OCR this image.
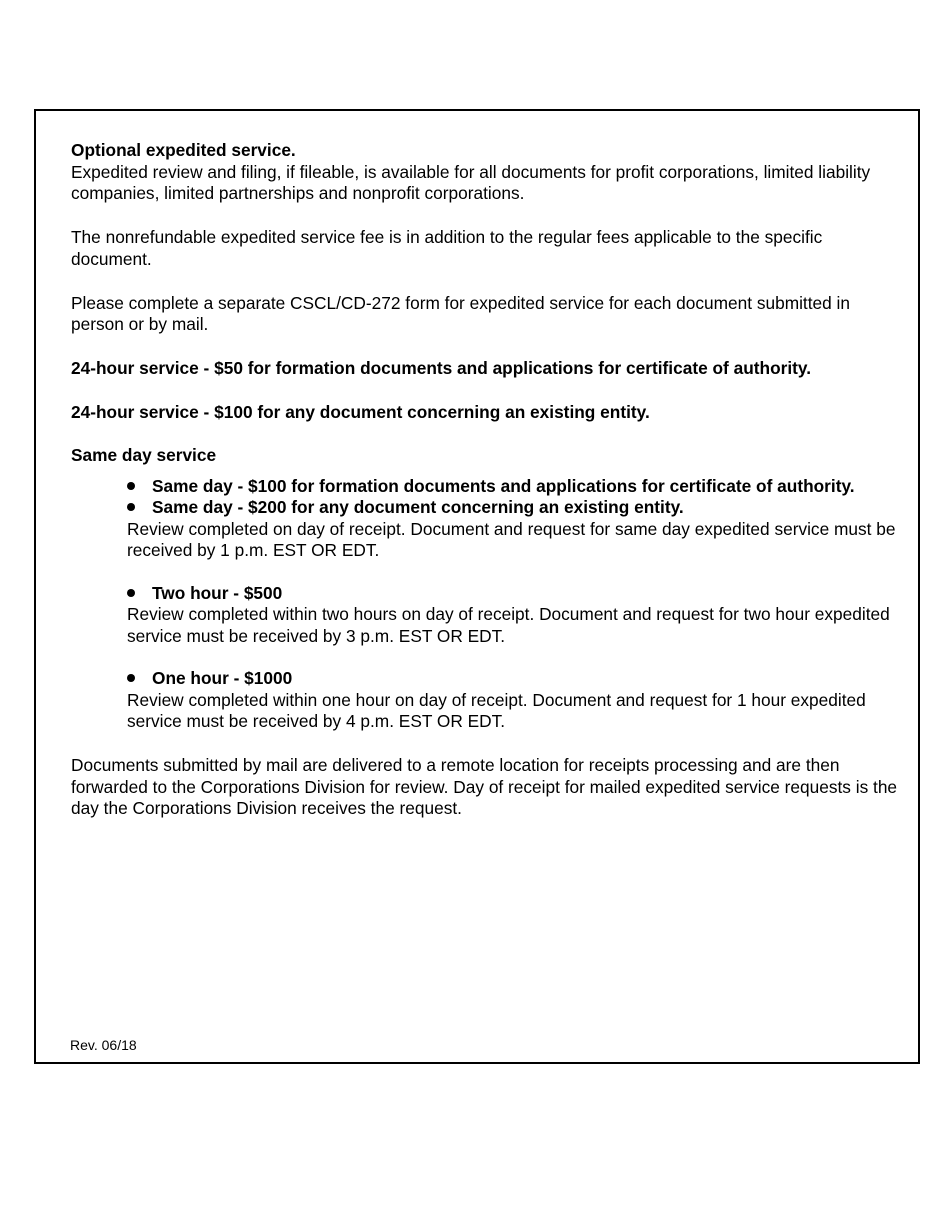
Optional expedited service.

Expedited review and filing, if fileable, is available for all documents for profit corporations, limited liability companies, limited partnerships and nonprofit corporations.

The nonrefundable expedited service fee is in addition to the regular fees applicable to the specific document.

Please complete a separate CSCL/CD-272 form for expedited service for each document submitted in person or by mail.

24-hour service - $50 for formation documents and applications for certificate of authority.

24-hour service - $100 for any document concerning an existing entity.

Same day service

Same day - $100 for formation documents and applications for certificate of authority.
Same day - $200 for any document concerning an existing entity.

Review completed on day of receipt. Document and request for same day expedited service must be received by 1 p.m. EST OR EDT.

Two hour - $500

Review completed within two hours on day of receipt. Document and request for two hour expedited service must be received by 3 p.m. EST OR EDT.

One hour - $1000

Review completed within one hour on day of receipt. Document and request for 1 hour expedited service must be received by 4 p.m. EST OR EDT.

Documents submitted by mail are delivered to a remote location for receipts processing and are then forwarded to the Corporations Division for review. Day of receipt for mailed expedited service requests is the day the Corporations Division receives the request.

Rev. 06/18
